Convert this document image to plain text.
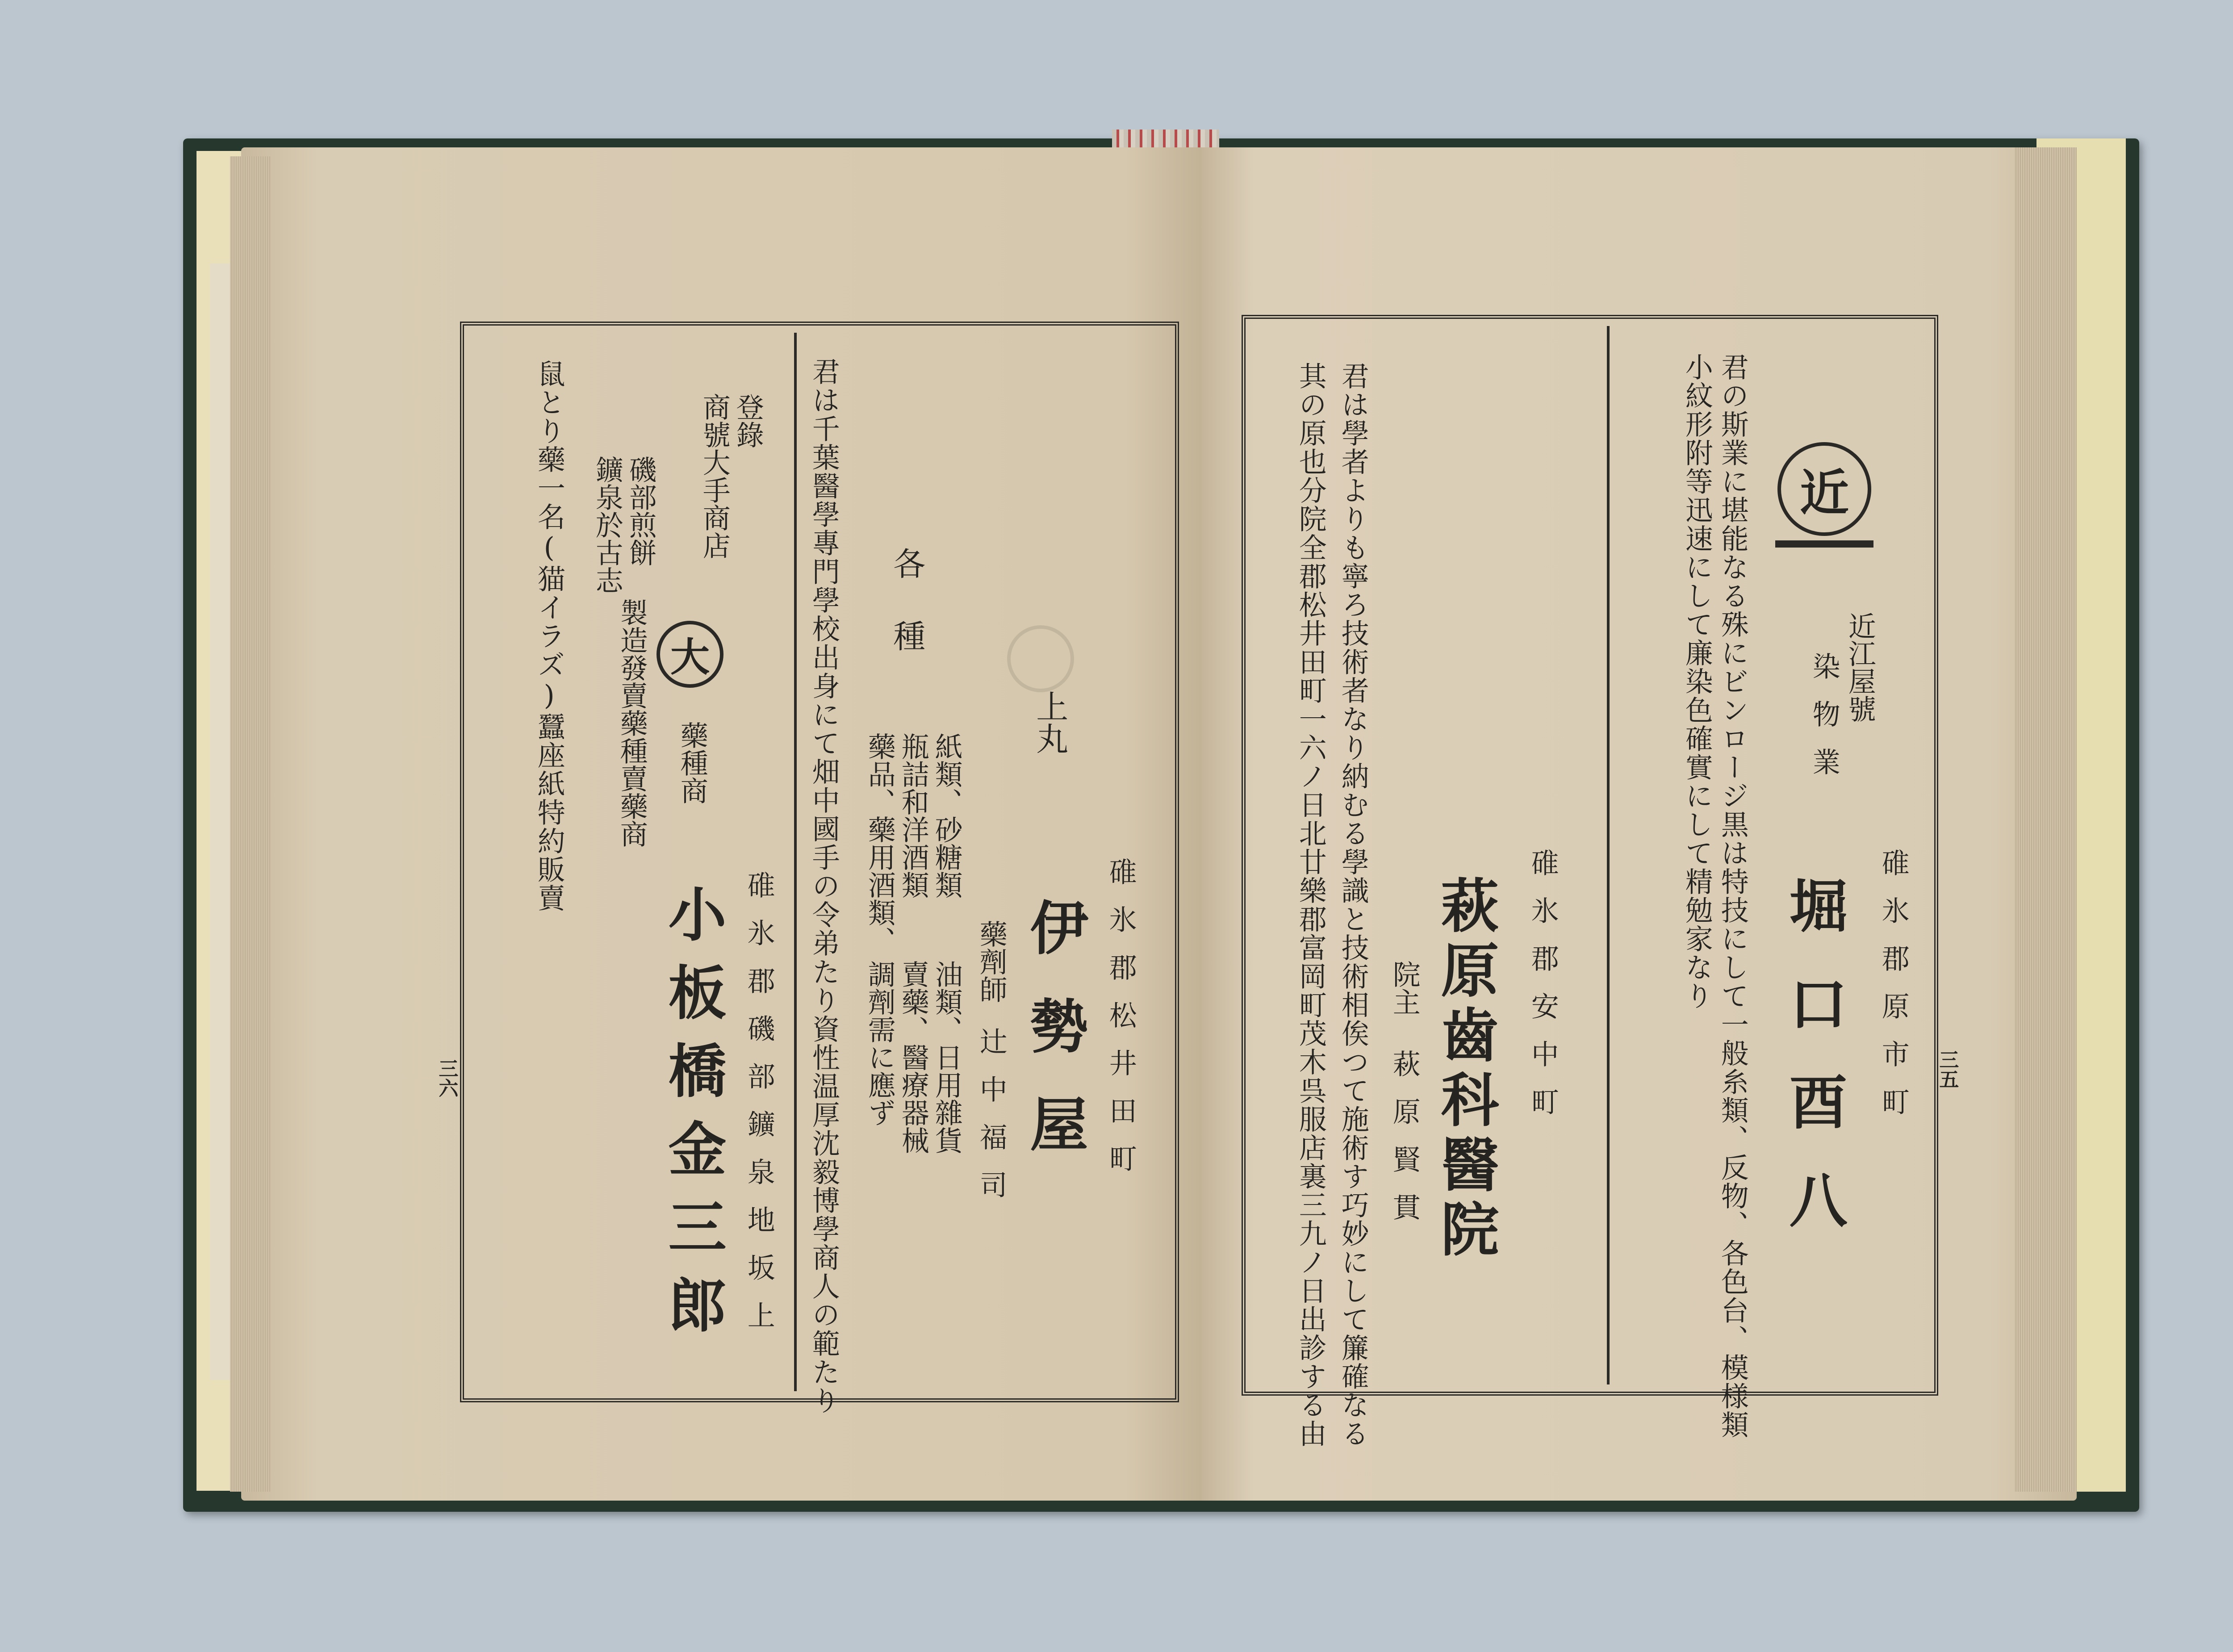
三六	碓氷郡松井田町
上丸
伊勢屋
藥劑師
辻中福司
各種
紙類、砂糖類
瓶詰和洋酒類
藥品、藥用酒類、
油類、日用雜貨
賣藥、醫療器械
調劑需に應ず
君は千葉醫學專門學校出身にて畑中國手の令弟たり資性温厚沈毅博學商人の範たり
登錄
商號大手商店
磯部煎餅
鑛泉於古志
大
製造發賣藥種賣藥商 藥種商
鼠とり藥一名(猫イラズ)蠶座紙特約販賣
碓氷郡磯部鑛泉地坂上
小板橋金三郎	三五
近
近江屋號
染物業
碓氷郡原市町
堀口酉八
君の斯業に堪能なる殊にビンロージ黒は特技にして一般糸類、反物、各色台、模様類
小紋形附等迅速にして廉染色確實にして精勉家なり
碓氷郡安中町
萩原齒科醫院
院主
萩原賢貫
君は學者よりも寧ろ技術者なり納むる學識と技術相俟つて施術す巧妙にして簾確なる
其の原也分院全郡松井田町一六ノ日北廿樂郡富岡町茂木呉服店裏三九ノ日出診する由
